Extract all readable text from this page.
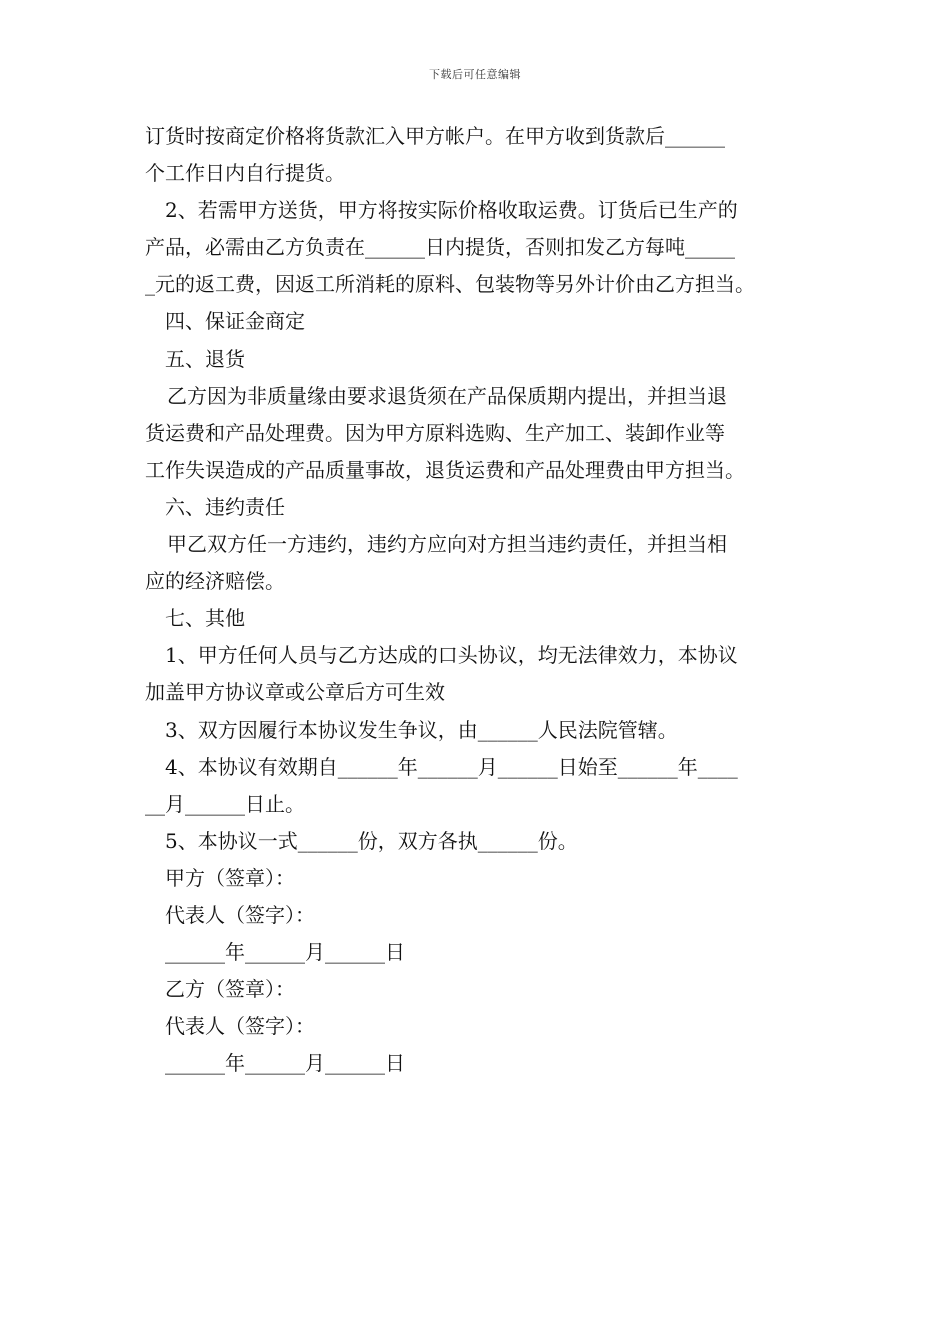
下载后可任意编辑
订货时按商定价格将货款汇入甲方帐户。在甲方收到货款后______
个工作日内自行提货。
2、若需甲方送货，甲方将按实际价格收取运费。订货后已生产的
产品，必需由乙方负责在______日内提货，否则扣发乙方每吨_____
_元的返工费，因返工所消耗的原料、包装物等另外计价由乙方担当。
四、保证金商定
五、退货
乙方因为非质量缘由要求退货须在产品保质期内提出，并担当退
货运费和产品处理费。因为甲方原料选购、生产加工、装卸作业等
工作失误造成的产品质量事故，退货运费和产品处理费由甲方担当。
六、违约责任
甲乙双方任一方违约，违约方应向对方担当违约责任，并担当相
应的经济赔偿。
七、其他
1、甲方任何人员与乙方达成的口头协议，均无法律效力，本协议
加盖甲方协议章或公章后方可生效
3、双方因履行本协议发生争议，由______人民法院管辖。
4、本协议有效期自______年______月______日始至______年____
__月______日止。
5、本协议一式______份，双方各执______份。
甲方（签章）：
代表人（签字）：
______年______月______日
乙方（签章）：
代表人（签字）：
______年______月______日
